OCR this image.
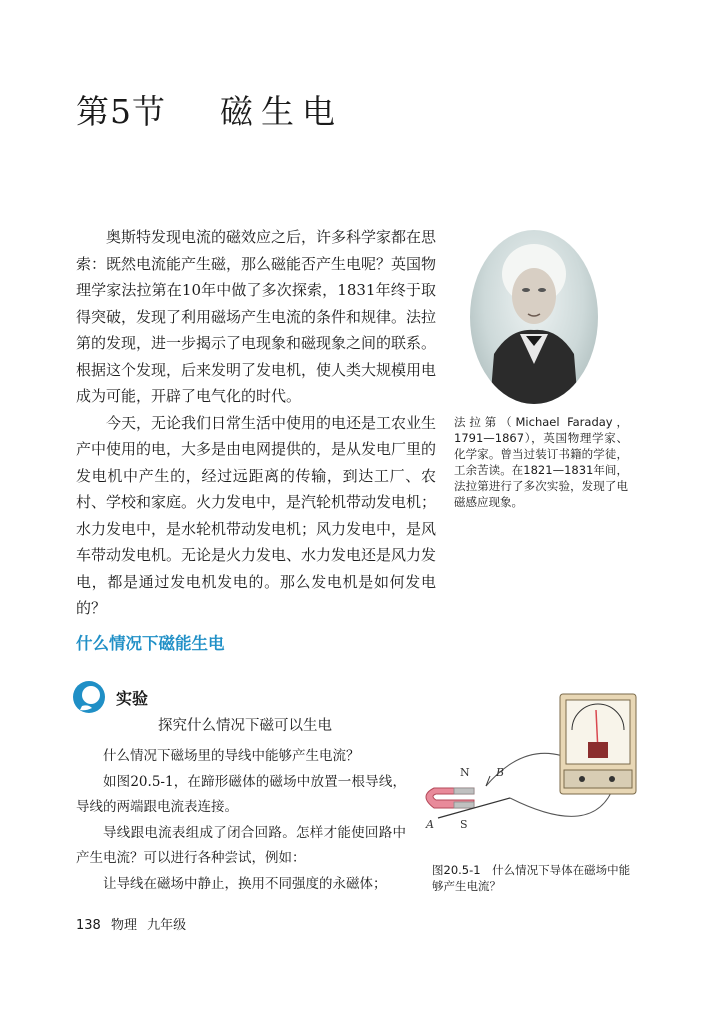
第5节 磁生电

奥斯特发现电流的磁效应之后，许多科学家都在思索：既然电流能产生磁，那么磁能否产生电呢？英国物理学家法拉第在10年中做了多次探索，1831年终于取得突破，发现了利用磁场产生电流的条件和规律。法拉第的发现，进一步揭示了电现象和磁现象之间的联系。根据这个发现，后来发明了发电机，使人类大规模用电成为可能，开辟了电气化的时代。

今天，无论我们日常生活中使用的电还是工农业生产中使用的电，大多是由电网提供的，是从发电厂里的发电机中产生的，经过远距离的传输，到达工厂、农村、学校和家庭。火力发电中，是汽轮机带动发电机；水力发电中，是水轮机带动发电机；风力发电中，是风车带动发电机。无论是火力发电、水力发电还是风力发电，都是通过发电机发电的。那么发电机是如何发电的？

法拉第（Michael Faraday，1791—1867），英国物理学家、化学家。曾当过装订书籍的学徒，工余苦读。在1821—1831年间，法拉第进行了多次实验，发现了电磁感应现象。
什么情况下磁能生电
实验
探究什么情况下磁可以生电

什么情况下磁场里的导线中能够产生电流？

如图20.5-1，在蹄形磁体的磁场中放置一根导线，导线的两端跟电流表连接。

导线跟电流表组成了闭合回路。怎样才能使回路中产生电流？可以进行各种尝试，例如：

让导线在磁场中静止，换用不同强度的永磁体；

N
S
A
B
图20.5-1　什么情况下导体在磁场中能够产生电流？
138 物理 九年级
